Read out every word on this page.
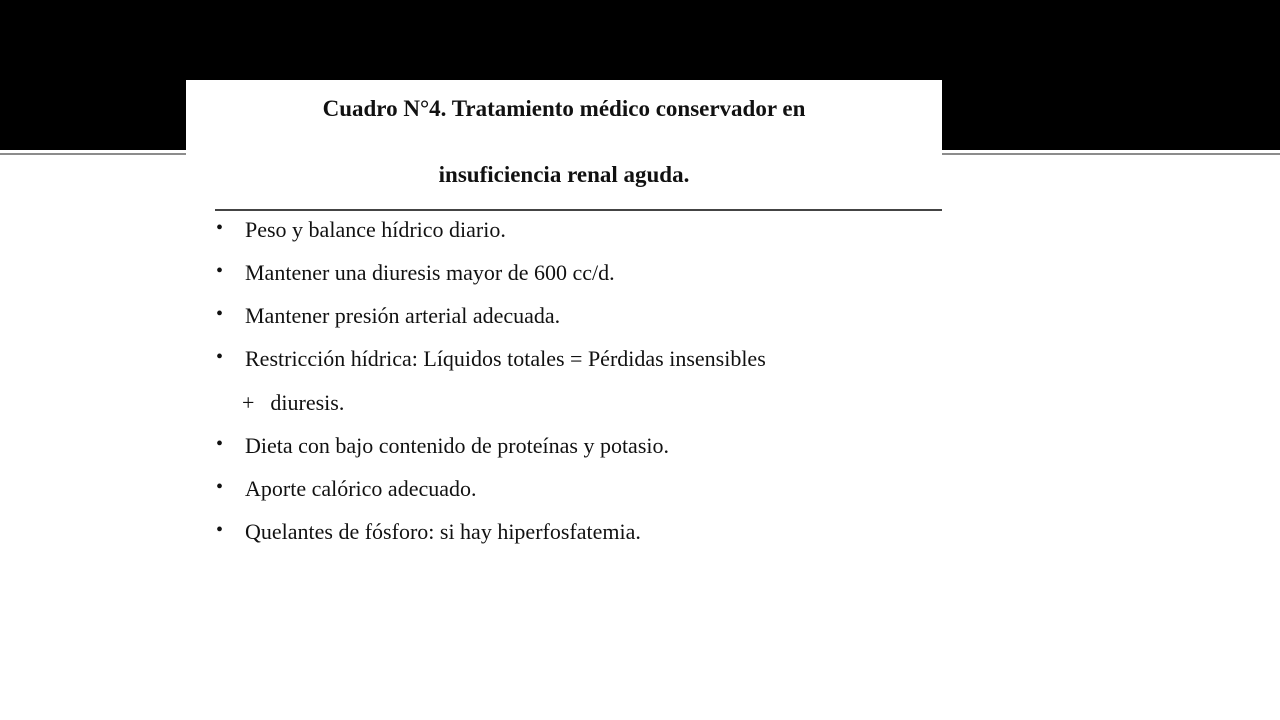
Cuadro N°4. Tratamiento médico conservador en
insuficiencia renal aguda.
• Peso y balance hídrico diario.
• Mantener una diuresis mayor de 600 cc/d.
• Mantener presión arterial adecuada.
• Restricción hídrica: Líquidos totales = Pérdidas insensibles
+ diuresis.
• Dieta con bajo contenido de proteínas y potasio.
• Aporte calórico adecuado.
• Quelantes de fósforo: si hay hiperfosfatemia.
